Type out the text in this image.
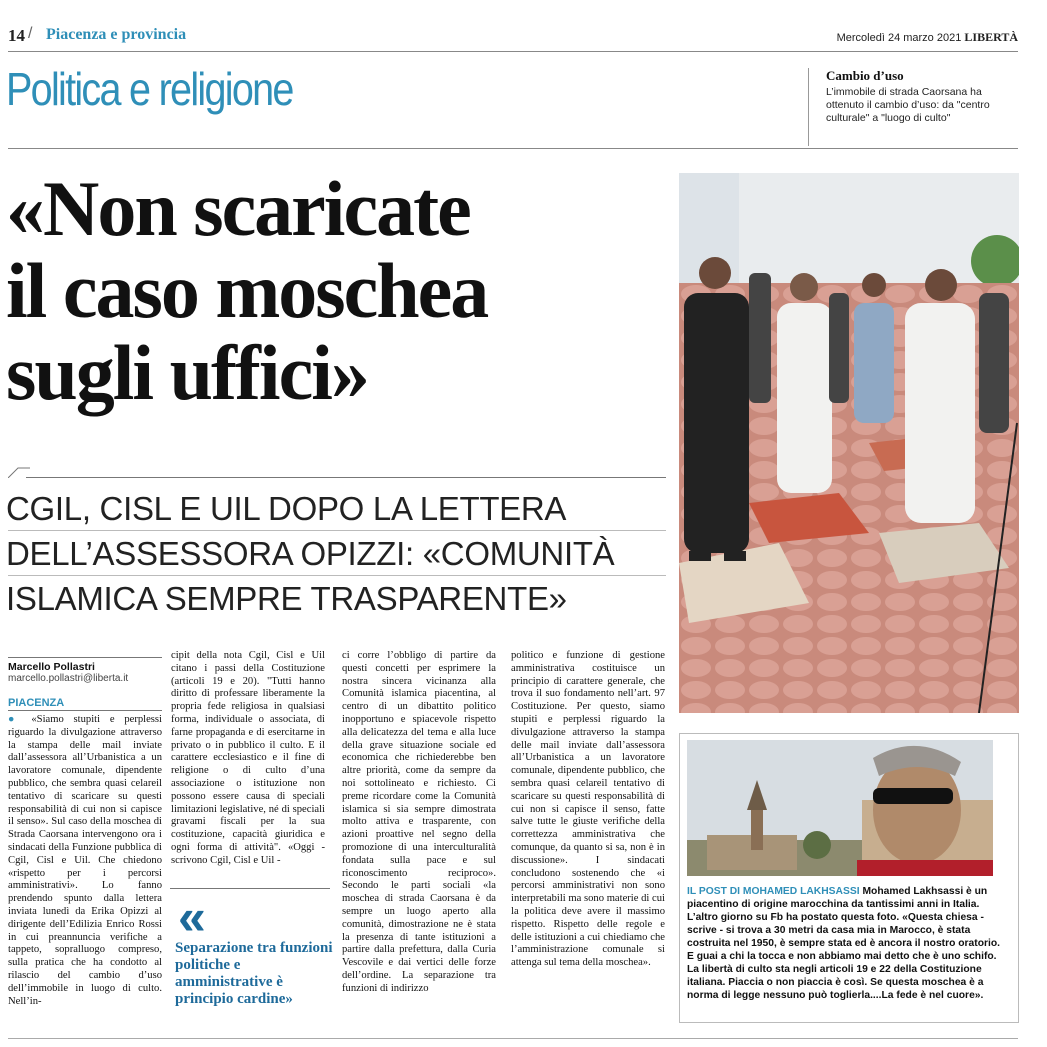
14 / Piacenza e provincia	Mercoledì 24 marzo 2021 LIBERTÀ
Politica e religione	Cambio d’uso
L’immobile di strada Caorsana ha ottenuto il cambio d’uso: da "centro culturale" a "luogo di culto"
«Non scaricate
il caso moschea
sugli uffici»
CGIL, CISL E UIL DOPO LA LETTERA
DELL’ASSESSORA OPIZZI: «COMUNITÀ
ISLAMICA SEMPRE TRASPARENTE»
Marcello Pollastri
marcello.pollastri@liberta.it
PIACENZA
● «Siamo stupiti e perplessi riguardo la divulgazione attraverso la stampa delle mail inviate dall’assessora all’Urbanistica a un lavoratore comunale, dipendente pubblico, che sembra quasi celareil tentativo di scaricare su questi responsabilità di cui non si capisce il senso». Sul caso della moschea di Strada Caorsana intervengono ora i sindacati della Funzione pubblica di Cgil, Cisl e Uil. Che chiedono «rispetto per i percorsi amministrativi». Lo fanno prendendo spunto dalla lettera inviata lunedì da Erika Opizzi al dirigente dell’Edilizia Enrico Rossi in cui preannuncia verifiche a tappeto, sopralluogo compreso, sulla pratica che ha condotto al rilascio del cambio d’uso dell’immobile in luogo di culto. Nell’in-
cipit della nota Cgil, Cisl e Uil citano i passi della Costituzione (articoli 19 e 20). "Tutti hanno diritto di professare liberamente la propria fede religiosa in qualsiasi forma, individuale o associata, di farne propaganda e di esercitarne in privato o in pubblico il culto. E il carattere ecclesiastico e il fine di religione o di culto d’una associazione o istituzione non possono essere causa di speciali limitazioni legislative, né di speciali gravami fiscali per la sua costituzione, capacità giuridica e ogni forma di attività". «Oggi - scrivono Cgil, Cisl e Uil -
ci corre l’obbligo di partire da questi concetti per esprimere la nostra sincera vicinanza alla Comunità islamica piacentina, al centro di un dibattito politico inopportuno e spiacevole rispetto alla delicatezza del tema e alla luce della grave situazione sociale ed economica che richiederebbe ben altre priorità, come da sempre da noi sottolineato e richiesto. Ci preme ricordare come la Comunità islamica si sia sempre dimostrata molto attiva e trasparente, con azioni proattive nel segno della promozione di una interculturalità fondata sulla pace e sul riconoscimento reciproco». Secondo le parti sociali «la moschea di strada Caorsana è da sempre un luogo aperto alla comunità, dimostrazione ne è stata la presenza di tante istituzioni a partire dalla prefettura, dalla Curia Vescovile e dai vertici delle forze dell’ordine. La separazione tra funzioni di indirizzo
politico e funzione di gestione amministrativa costituisce un principio di carattere generale, che trova il suo fondamento nell’art. 97 Costituzione. Per questo, siamo stupiti e perplessi riguardo la divulgazione attraverso la stampa delle mail inviate dall’assessora all’Urbanistica a un lavoratore comunale, dipendente pubblico, che sembra quasi celareil tentativo di scaricare su questi responsabilità di cui non si capisce il senso, fatte salve tutte le giuste verifiche della correttezza amministrativa che comunque, da quanto si sa, non è in discussione». I sindacati concludono sostenendo che «i percorsi amministrativi non sono interpretabili ma sono materie di cui la politica deve avere il massimo rispetto. Rispetto delle regole e delle istituzioni a cui chiediamo che l’amministrazione comunale si attenga sul tema della moschea».
«
Separazione tra funzioni politiche e amministrative è principio cardine»
IL POST DI MOHAMED LAKHSASSI Mohamed Lakhsassi è un piacentino di origine marocchina da tantissimi anni in Italia. L’altro giorno su Fb ha postato questa foto. «Questa chiesa - scrive - si trova a 30 metri da casa mia in Marocco, è stata costruita nel 1950, è sempre stata ed è ancora il nostro oratorio. E guai a chi la tocca e non abbiamo mai detto che è uno schifo. La libertà di culto sta negli articoli 19 e 22 della Costituzione italiana. Piaccia o non piaccia è così. Se questa moschea è a norma di legge nessuno può toglierla....La fede è nel cuore».
